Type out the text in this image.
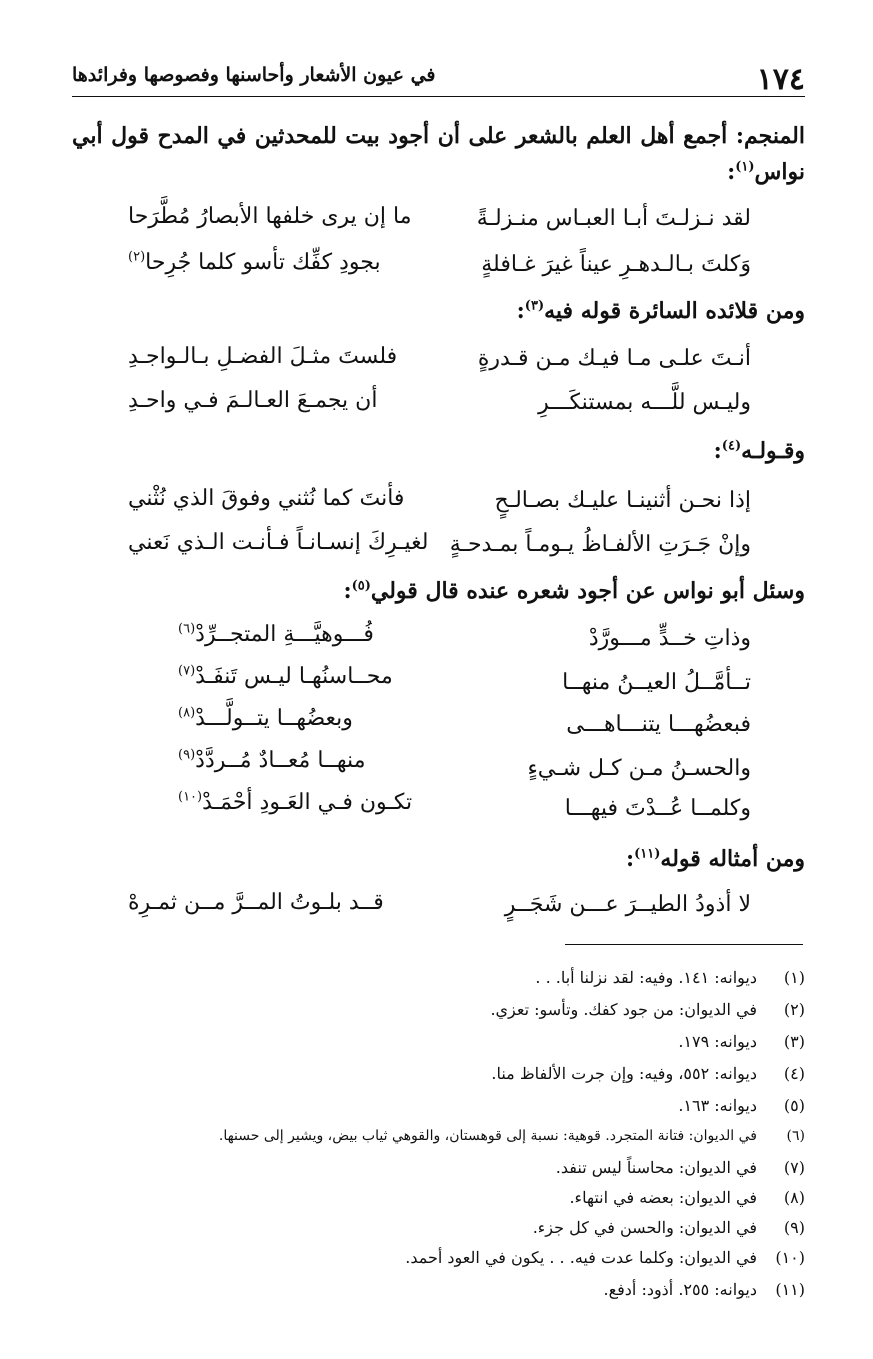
١٧٤
في عيون الأشعار وأحاسنها وفصوصها وفرائدها
المنجم: أجمع أهل العلم بالشعر على أن أجود بيت للمحدثين في المدح قول أبي نواس$^{(١)}$:
لقد نـزلـتَ أبـا العبـاس منـزلـةً
ما إن يرى خلفها الأبصارُ مُطَّرَحا
وَكلتَ بـالـدهـرِ عيناً غيرَ غـافلةٍ
بجودِ كفِّك تأسو كلما جُرِحا$^{(٢)}$
ومن قلائده السائرة قوله فيه$^{(٣)}$:
أنـتَ علـى مـا فيـك مـن قـدرةٍ
فلستَ مثـلَ الفضـلِ بـالـواجـدِ
وليـس للَّـــه بمستنكَـــرِ
أن يجمـعَ العـالـمَ فـي واحـدِ
وقـولـه$^{(٤)}$:
إذا نحـن أثنينـا عليـك بصـالـحٍ
فأنتَ كما نُثني وفوقَ الذي نُثْني
وإنْ جَـرَتِ الألفـاظُ يـومـاً بمـدحـةٍ
لغيـرِكَ إنسـانـاً فـأنـت الـذي نَعني
وسئل أبو نواس عن أجود شعره عنده قال قولي$^{(٥)}$:
وذاتِ خــدٍّ مـــورَّدْ
فُـــوهيَّـــةِ المتجــرِّدْ$^{(٦)}$
تــأمَّــلُ العيــنُ منهــا
محــاسنُهـا ليـس تَنفَـدْ$^{(٧)}$
فبعضُهـــا يتنـــاهـــى
وبعضُهــا يتــولَّـــدْ$^{(٨)}$
والحسـنُ مـن كـل شـيءٍ
منهــا مُعــادٌ مُــردَّدْ$^{(٩)}$
وكلمــا عُــدْتَ فيهـــا
تكـون فـي العَـودِ أحْمَـدْ$^{(١٠)}$
ومن أمثاله قوله$^{(١١)}$:
لا أذودُ الطيــرَ عـــن شَجَــرٍ
قــد بلـوتُ المــرَّ مــن ثمـرِهْ
(١)ديوانه: ١٤١. وفيه: لقد نزلنا أبا. . .
(٢)في الديوان: من جود كفك. وتأسو: تعزي.
(٣)ديوانه: ١٧٩.
(٤)ديوانه: ٥٥٢، وفيه: وإن جرت الألفاظ منا.
(٥)ديوانه: ١٦٣.
(٦)في الديوان: فتانة المتجرد. قوهية: نسبة إلى قوهستان، والقوهي ثياب بيض، ويشير إلى حسنها.
(٧)في الديوان: محاسناً ليس تنفد.
(٨)في الديوان: بعضه في انتهاء.
(٩)في الديوان: والحسن في كل جزء.
(١٠)في الديوان: وكلما عدت فيه. . . يكون في العود أحمد.
(١١)ديوانه: ٢٥٥. أذود: أدفع.
